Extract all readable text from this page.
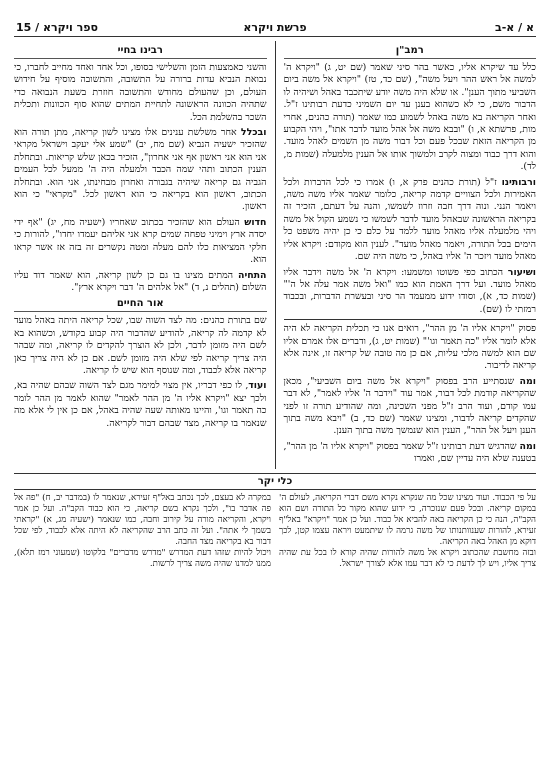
15 / ספר ויקרא	פרשת ויקרא	א / א-ב
רמב"ן

כלל עד שיקרא אליו, כאשר בהר סיני שאמר (שם יט, ג) "ויקרא ה' למשה אל ראש ההר ויעל משה", (שם כד, טז) "ויקרא אל משה ביום השביעי מתוך הענן". או שלא היה משה יודע שיתכבד באהל ושיהיה לו הדבור משם, כי לא כשהוא בענן עד יום השמיני כדעת רבותינו ז"ל. ואחר הקריאה בא משה באהל לשמוע כמו שאמר (תורה כהנים, אחרי מות, פרשתא א, ו) "ובבא משה אל אהל מועד לדבר אתו", ויהי הקבוע מן הקריאה הזאת שבכל פעם וכל דבור משה מן השמים לאהל מועד. והוא דרך כבוד ומצוה לקרב ולמשוך אותו אל הענין מלמעלה (שמות מ, לד).

ורבותינו ז"ל (תורת כהנים פרק א, ו) אמרו כי לכל הדברות ולכל האמירות ולכל הצוויים קדמה קריאה, כלומר שאמר אליו משה משה, ויאמר הנני. ונוה דרך חבה וזרוז לשמשו, והנה על דעתם, הזכיר זה בקריאה הראשונה שבאהל מועד לדבר לשמשו כי נשמע הקול אל משה ויהי מלמעלה אליו מאהל מועד ללמד על כלם כי כן יהיה משפט כל הימים בכל התורה, ויאמר מאהל מועד". לענין הוא מקודם: ויקרא אליו מאהל מועד ויזכר ה' אליו באהל, כי משה היה שם.

ושיעור הכתוב כפי פשוטו ומשמעו: ויקרא ה' אל משה וידבר אליו מאהל מועד. ועל דרך האמת הוא כמו "ואל משה אמר עלה אל ה'" (שמות כד, א), וסודו ידוע ממעמד הר סיני ובעשרת הדברות, ובכבוד רמזתי לו (שם).

פסוק "ויקרא אליו ה' מן ההר", רואים אנו כי תכלית הקריאה לא היה אלא לומר אליו "כה תאמר וגו'" (שמות יט, ג), ודברים אלו אמרם אליו שם הוא למשה מלכי עליות, אם כן מה טובה של קריאה זו, אינה אלא קריאה לדיבור.

ומה שנסתייע הרב בפסוק "ויקרא אל משה ביום השביעי", מכאן שהקריאה קודמת לכל דבור, אמר עוד "וידבר ה' אליו לאמר", לא דבר עמו קודם, ועוד הרב ז"ל מפני השכינה, ומה שהודיע תורה זו לפני שהקדים קריאה לדבור, ומצינו שאמר (שם כד, ב) "ויבא משה בתוך הענן ויעל אל ההר", הענין הוא שנמשך משה בתוך הענן.

ומה שהדגיש דעת רבותינו ז"ל שאמר בפסוק "ויקרא אליו ה' מן ההר", בטענה שלא היה עדיין שם, ואמרו

רבינו בחיי

והשני כאמצעות הזמן והשלישי בסופו, וכל אחד ואחד מחייב לחברו, כי נבואת הנביא עדות ברורה על התשובה, והתשובה מוסיף על חידוש העולם, וכן שהעולם מחודש והתשובה חוזרת בשעת הנבואה כדי שתהיה הכוונה הראשונה לתחיית המתים שהוא סוף הכוונות ותכלית השכר בהשלמת הכל.

ובכלל אחר משלשת ענינים אלו מצינו לשון קריאה, מתן תורה הוא שהזכיר ישעיה הנביא (שם מח, יב) "שמע אלי יעקב וישראל מקראי אני הוא אני ראשון אף אני אחרון", הזכיר בכאן שלש קריאות. ובתחלת הענין הכתוב ותהי שמה הכבד ולמעלה היה ה' ממעל לכל העמים הגביה גם קריאה שיהיה בגבורה ואחרון מבחינתו, אני הוא. ובתחלת הכתוב, ראשון הוא בקריאה כי הוא ראשון לכל. "מקראי" כי הוא ראשון.

חדוש העולם הוא שהזכיר בכתוב שאחריו (ישעיה מח, יג) "אף ידי יסדה ארץ וימיני טפחה שמים קרא אני אליהם יעמדו יחדו", להורות כי חלקי המציאות כלו להם מעלה ומטה נקשרים זה בזה אז אשר קראו הוא.

התחיה המתים מצינו בו גם כן לשון קריאה, הוא שאמר דוד עליו השלום (תהלים נ, ד) "אל אלהים ה' דבר ויקרא ארץ".

אור החיים

שם בתורת כהנים: מה לצד השוה שבו, שכל קריאה היתה באהל מועד לא קדמה לה קריאה, להודיע שהדבור היה קבוע בקודש, וכשהוא בא לשם היה מזומן לדבר, ולכן לא הוצרך להקדים לו קריאה, ומה שבהר היה צריך קריאה לפי שלא היה מזומן לשם. אם כן לא היה צריך כאן קריאה אלא לכבוד, ומה שנוסף הוא שיש לו קריאה.

ועוד, לו כפי דבריו, אין מצוי למימר מגם לצד השוה שבהם שהיה בא, ולכך יצא "ויקרא אליו ה' מן ההר לאמר" שהוא לאמר מן ההר לומר כה תאמר וגו', והיינו מאותה שעה שהיה באהל, אם כן אין לי אלא מה שנאמר בו קריאה, מצד שבהם דבור לקריאה.

כלי יקר
על פי הכבוד. ועוד מצינו שכל מה שנקרא נקרא משם דברי הקריאה, לעולם ה' במקום קריאה. ובכל פעם שנזכרה, כי ידוע שהוא מקור כל התורה ושם הוא הקב"ה, הנה כי כן הקריאה באה להביא אל כבוד. ועל כן אמר "ויקרא" באל"ף זעירא, להורות שענוותנותו של משה גרמה לו שיתמעט ויראה עצמו קטן, לכך דוקא מן האהל באה הקריאה.
ובזה מחשבת שהכתוב ויקרא אל משה להורות שהיה קורא לו בכל עת שהיה צריך אליו, ויש לך לדעת כי לא דבר עמו אלא לצורך ישראל.
במקרה לא בעצם, לכך נכתב באל"ף זעירא, שנאמר לו (במדבר יב, ח) "פה אל פה אדבר בו", ולכך נקרא בשם קריאה, כי הוא כבוד הקב"ה. ועל כן אמר ויקרא, והקריאה מורה על קירוב וחבה, כמו שנאמר (ישעיה מג, א) "קראתי בשמך לי אתה". ועל זה כתב הרב שהקריאה לא היתה אלא לכבוד, לפי שכל דבור בא בקריאה מצד החבה.
ויכול להיות שזהו דעת המדרש "מדרש מדברים" בלקוטו (שמעוני רמז תלא), ממנו למדנו שהיה משה צריך לרשות.
